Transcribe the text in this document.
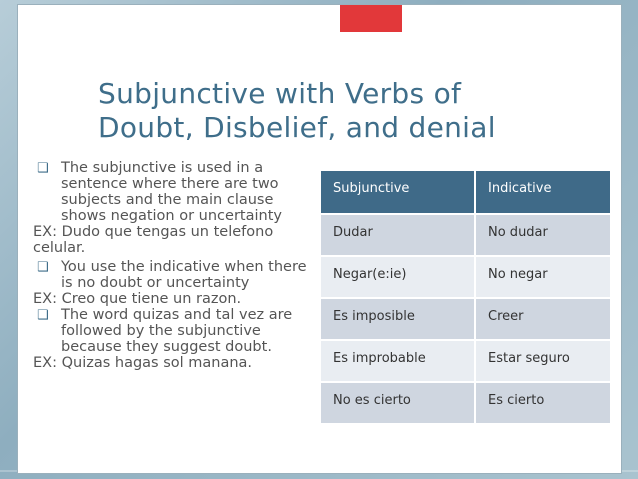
Subjunctive with Verbs of
Doubt, Disbelief, and denial
❑ The subjunctive is used in a sentence where there are two subjects and the main clause shows negation or uncertainty
EX: Dudo que tengas un telefono celular.
❑ You use the indicative when there is no doubt or uncertainty
EX: Creo que tiene un razon.
❑ The word quizas and tal vez are followed by the subjunctive because they suggest doubt.
EX: Quizas hagas sol manana.
Subjunctive	Indicative
Dudar	No dudar
Negar(e:ie)	No negar
Es imposible	Creer
Es improbable	Estar seguro
No es cierto	Es cierto
